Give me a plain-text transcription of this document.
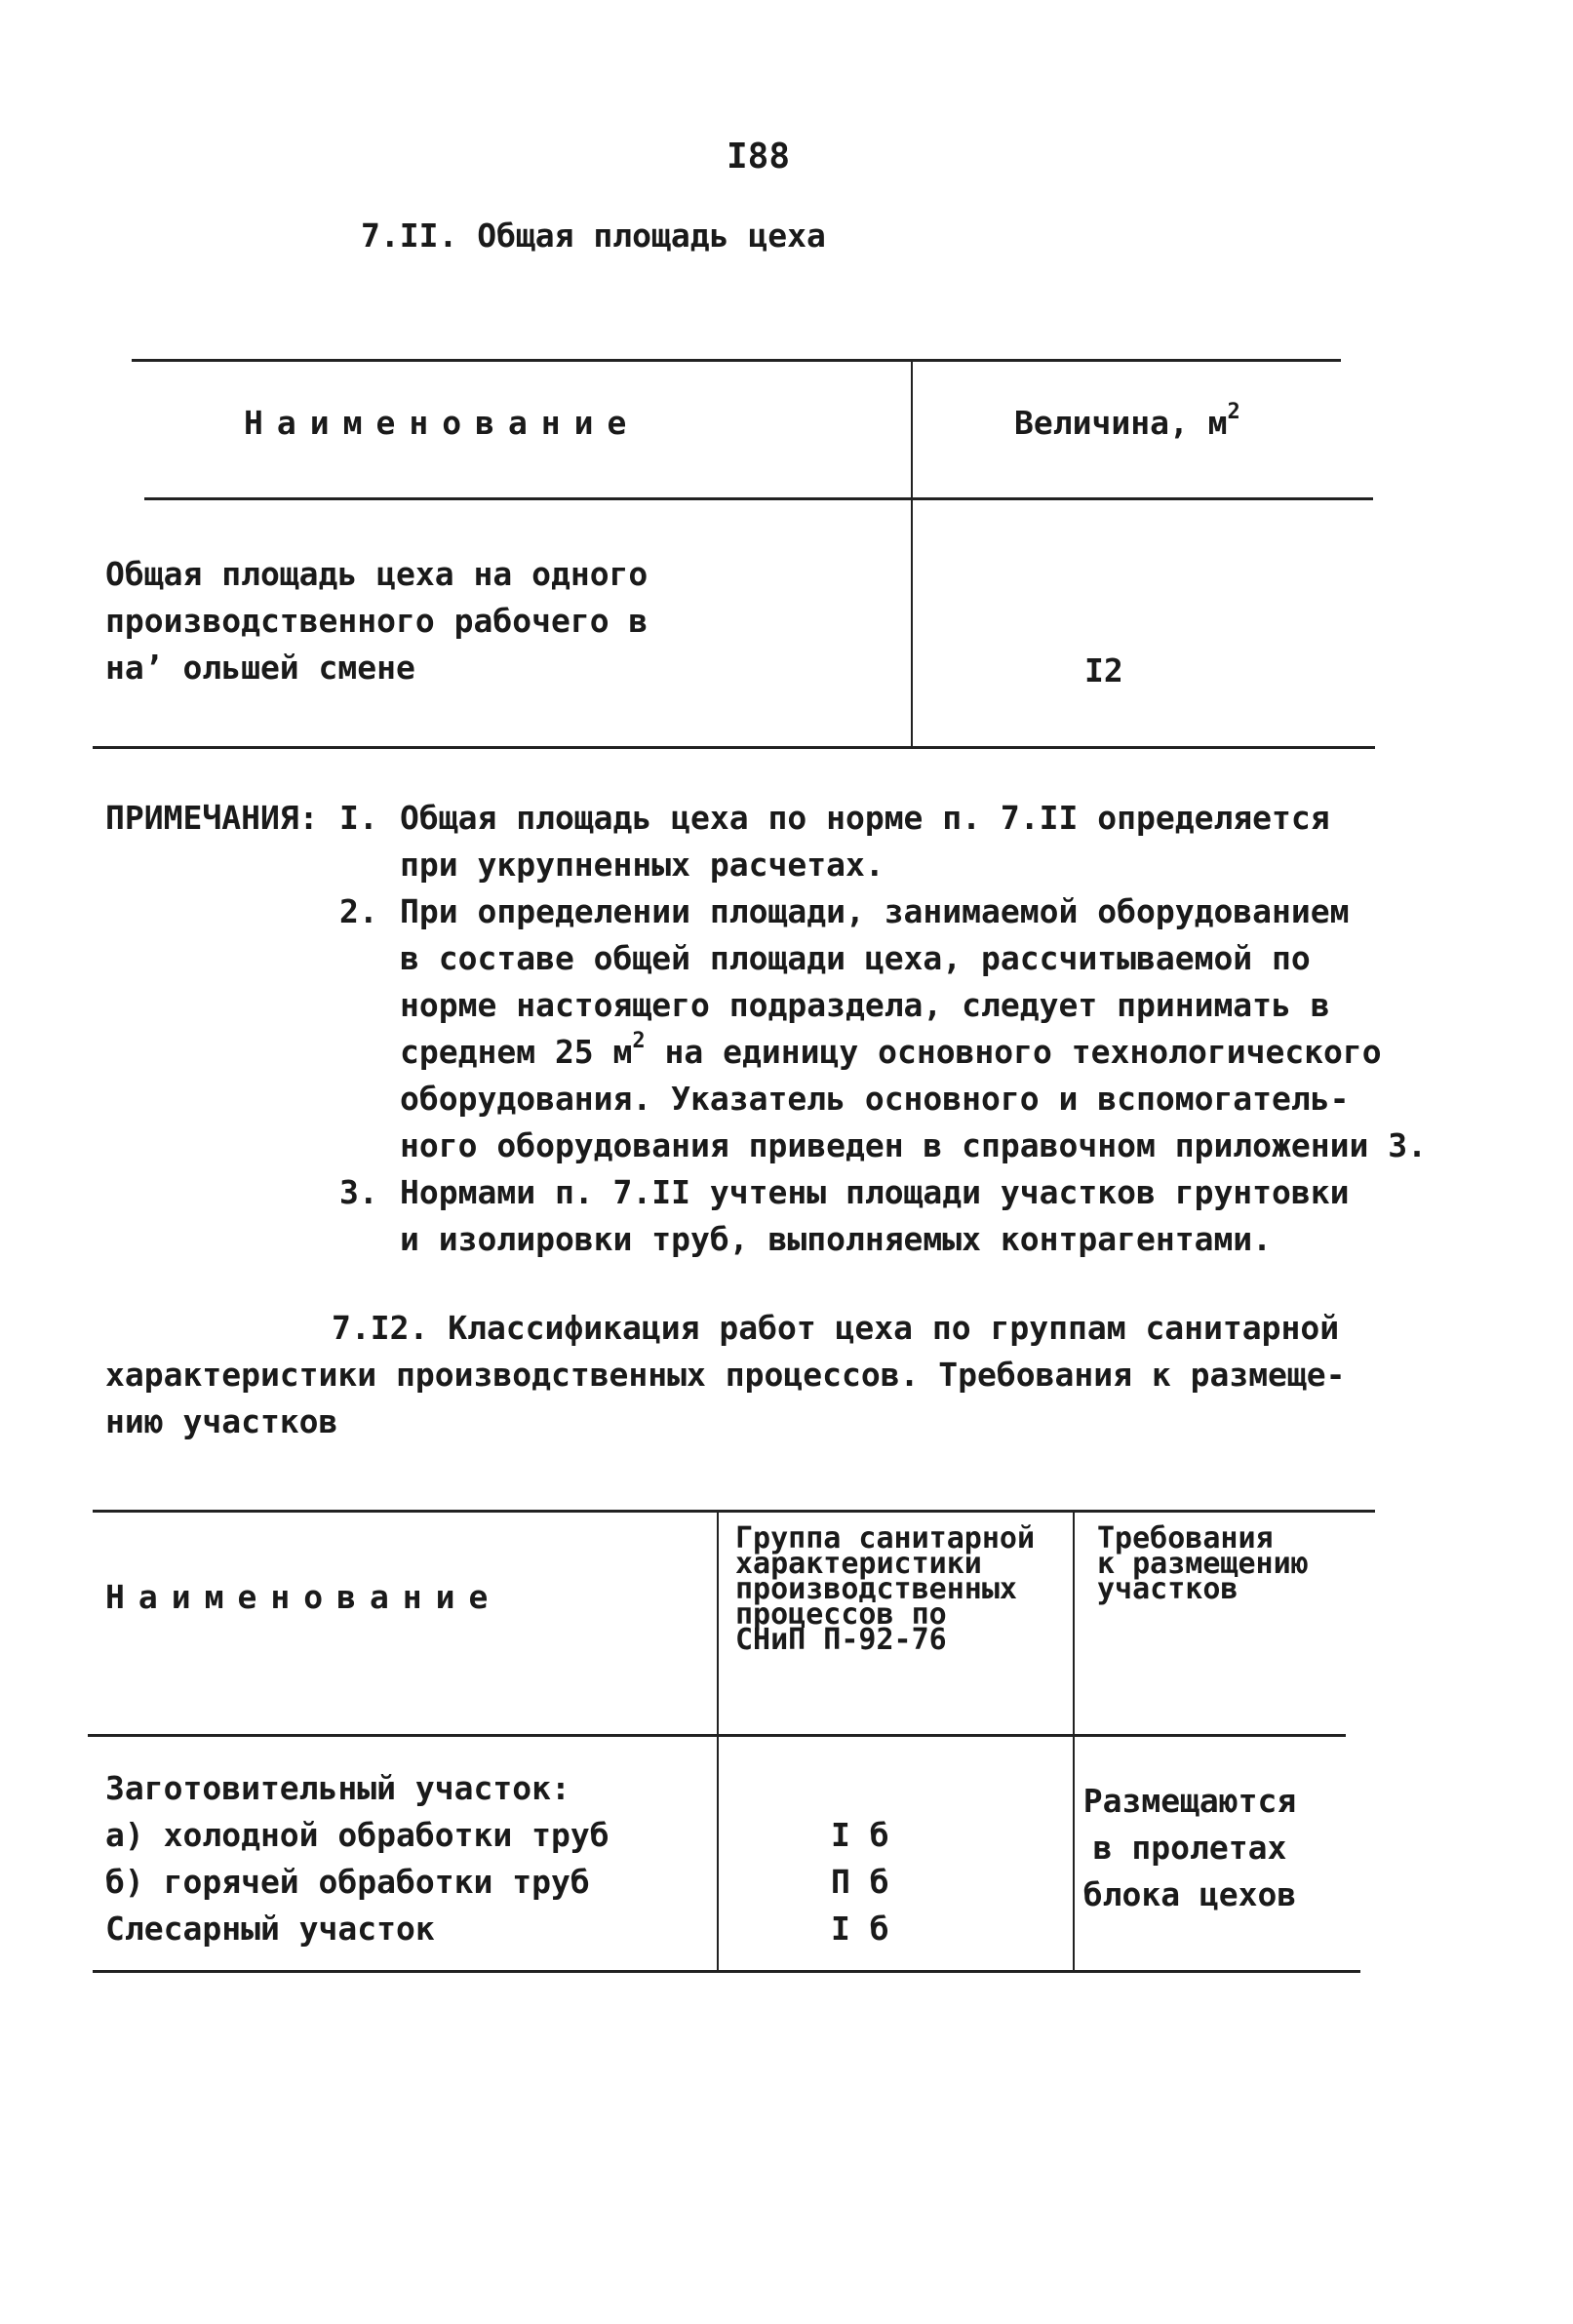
I88
7.II. Общая площадь цеха
Наименование	Величина, $м^2$
Общая площадь цеха на одного
производственного рабочего в
на’ ольшей смене	I2
ПРИМЕЧАНИЯ: I. Общая площадь цеха по норме п. 7.II определяется
при укрупненных расчетах.
2. При определении площади, занимаемой оборудованием
в составе общей площади цеха, рассчитываемой по
норме настоящего подраздела, следует принимать в
среднем 25 $м^2$ на единицу основного технологического
оборудования. Указатель основного и вспомогатель-
ного оборудования приведен в справочном приложении 3.
3. Нормами п. 7.II учтены площади участков грунтовки
и изолировки труб, выполняемых контрагентами.
7.I2. Классификация работ цеха по группам санитарной
характеристики производственных процессов. Требования к размеще-
нию участков
Наименование
Группа санитарной
характеристики
производственных
процессов по
СНиП П-92-76
Требования
к размещению
участков
Заготовительный участок:
а) холодной обработки труб
б) горячей обработки труб
Слесарный участок
I б
П б
I б
Размещаются
в пролетах
блока цехов
